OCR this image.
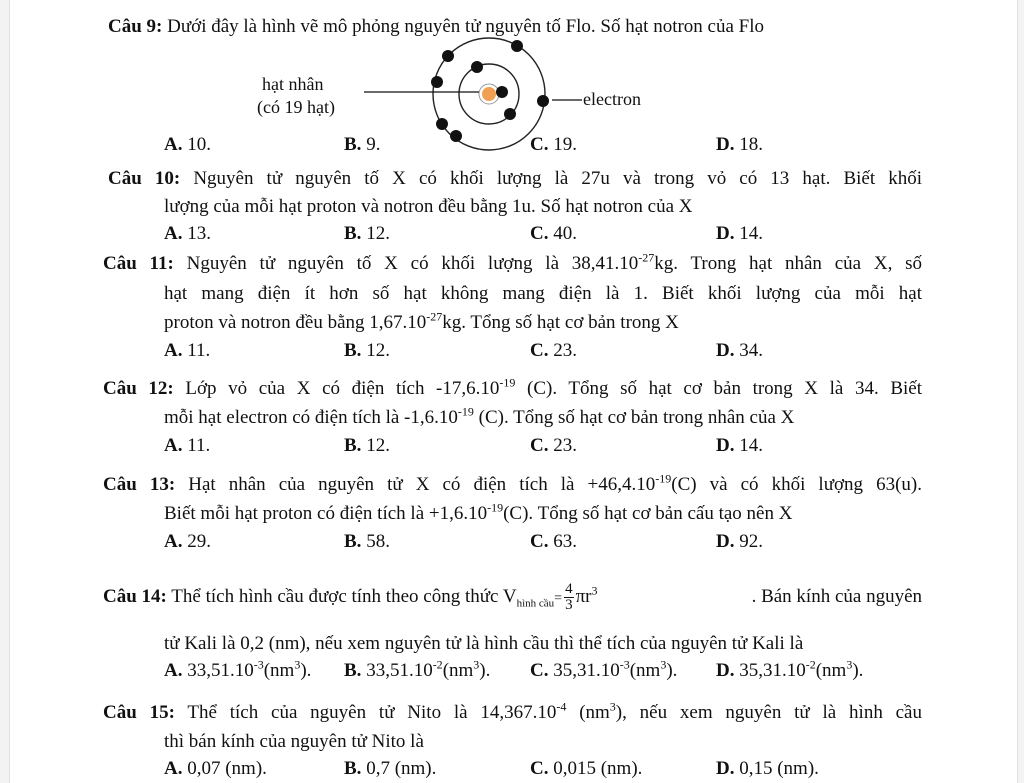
Câu 9: Dưới đây là hình vẽ mô phỏng nguyên tử nguyên tố Flo. Số hạt notron của Flo
hạt nhân
(có 19 hạt)	electron
A. 10.	B. 9.	C. 19.	D. 18.
Câu 10: Nguyên tử nguyên tố X có khối lượng là 27u và trong vỏ có 13 hạt. Biết khối
lượng của mỗi hạt proton và notron đều bằng 1u. Số hạt notron của X
A. 13.	B. 12.	C. 40.	D. 14.
Câu 11: Nguyên tử nguyên tố X có khối lượng là $38,41.10^{-27}kg$. Trong hạt nhân của X, số
hạt mang điện ít hơn số hạt không mang điện là 1. Biết khối lượng của mỗi hạt
proton và notron đều bằng $1,67.10^{-27}kg$. Tổng số hạt cơ bản trong X
A. 11.	B. 12.	C. 23.	D. 34.
Câu 12: Lớp vỏ của X có điện tích $-17,6.10^{-19}$ (C). Tổng số hạt cơ bản trong X là 34. Biết
mỗi hạt electron có điện tích là $-1,6.10^{-19}$ (C). Tổng số hạt cơ bản trong nhân của X
A. 11.	B. 12.	C. 23.	D. 14.
Câu 13: Hạt nhân của nguyên tử X có điện tích là $+46,4.10^{-19}(C)$ và có khối lượng 63(u).
Biết mỗi hạt proton có điện tích là $+1,6.10^{-19}(C)$. Tổng số hạt cơ bản cấu tạo nên X
A. 29.	B. 58.	C. 63.	D. 92.
Câu 14: Thể tích hình cầu được tính theo công thức $V_{hình cầu}= \frac{4}{3} \pi r^3$	. Bán kính của nguyên
tử Kali là 0,2 (nm), nếu xem nguyên tử là hình cầu thì thể tích của nguyên tử Kali là
A. $33,51.10^{-3}(nm^3)$. B. $33,51.10^{-2}(nm^3)$. C. $35,31.10^{-3}(nm^3)$. D. $35,31.10^{-2}(nm^3)$.
Câu 15: Thể tích của nguyên tử Nito là $14,367.10^{-4}$ $(nm^3)$, nếu xem nguyên tử là hình cầu
thì bán kính của nguyên tử Nito là
A. 0,07 (nm).	B. 0,7 (nm).	C. 0,015 (nm).	D. 0,15 (nm).
